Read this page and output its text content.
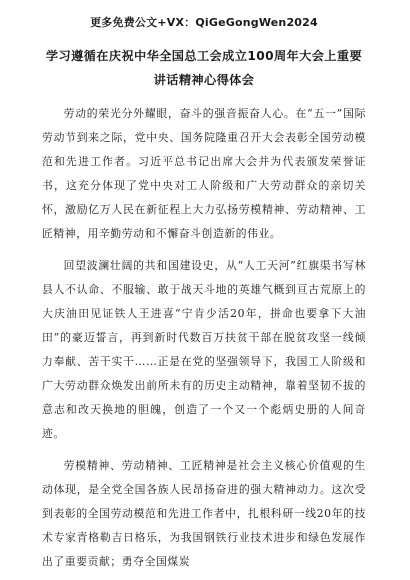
更多免费公文+VX：QiGeGongWen2024
学习遵循在庆祝中华全国总工会成立100周年大会上重要讲话精神心得体会

劳动的荣光分外耀眼，奋斗的强音振奋人心。在“五一”国际劳动节到来之际，党中央、国务院隆重召开大会表彰全国劳动模范和先进工作者。习近平总书记出席大会并为代表颁发荣誉证书，这充分体现了党中央对工人阶级和广大劳动群众的亲切关怀，激励亿万人民在新征程上大力弘扬劳模精神、劳动精神、工匠精神，用辛勤劳动和不懈奋斗创造新的伟业。

回望波澜壮阔的共和国建设史，从“人工天河”红旗渠书写林县人不认命、不服输、敢于战天斗地的英雄气概到亘古荒原上的大庆油田见证铁人王进喜“宁肯少活20年，拼命也要拿下大油田”的豪迈誓言，再到新时代数百万扶贫干部在脱贫攻坚一线倾力奉献、苦干实干……正是在党的坚强领导下，我国工人阶级和广大劳动群众焕发出前所未有的历史主动精神，靠着坚韧不拔的意志和改天换地的胆魄，创造了一个又一个彪炳史册的人间奇迹。

劳模精神、劳动精神、工匠精神是社会主义核心价值观的生动体现，是全党全国各族人民昂扬奋进的强大精神动力。这次受到表彰的全国劳动模范和先进工作者中，扎根科研一线20年的技术专家青格勒吉日格乐，为我国钢铁行业技术进步和绿色发展作出了重要贡献；勇夺全国煤炭
